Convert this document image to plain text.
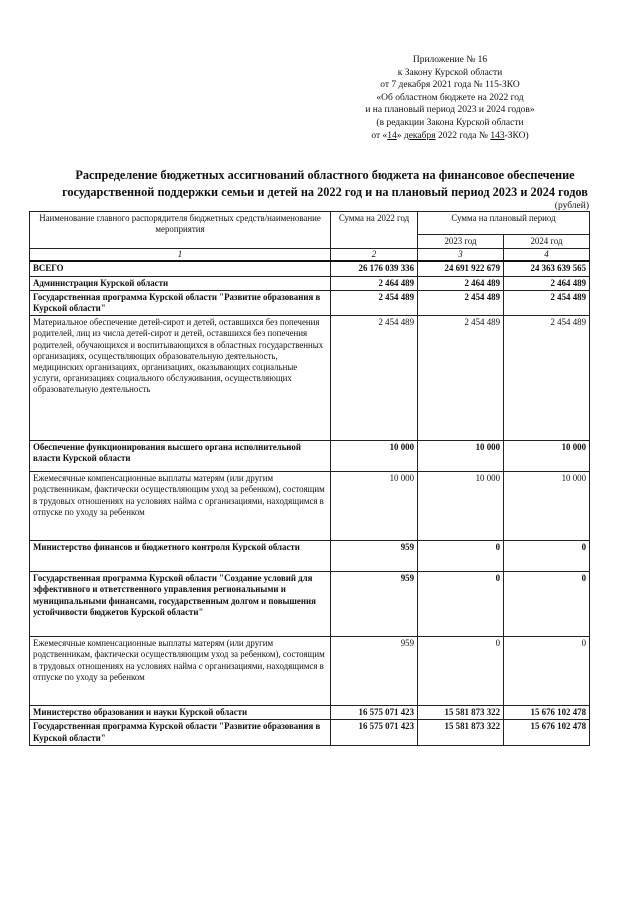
Приложение № 16
к Закону Курской области
от 7 декабря 2021 года № 115-ЗКО
«Об областном бюджете на 2022 год
и на плановый период 2023 и 2024 годов»
(в редакции Закона Курской области
от «14» декабря 2022 года № 143-ЗКО)
Распределение бюджетных ассигнований областного бюджета на финансовое обеспечение
государственной поддержки семьи и детей на 2022 год и на плановый период 2023 и 2024 годов
(рублей)
Наименование главного распорядителя бюджетных средств/наименование мероприятия	Сумма на 2022 год	Сумма на плановый период	
		2023 год	2024 год
1	2	3	4
ВСЕГО	26 176 039 336	24 691 922 679	24 363 639 565
Администрация Курской области	2 464 489	2 464 489	2 464 489
Государственная программа Курской области "Развитие образования в Курской области"	2 454 489	2 454 489	2 454 489
Материальное обеспечение детей-сирот и детей, оставшихся без попечения родителей, лиц из числа детей-сирот и детей, оставшихся без попечения родителей, обучающихся и воспитывающихся в областных государственных организациях, осуществляющих образовательную деятельность, медицинских организациях, организациях, оказывающих социальные услуги, организациях социального обслуживания, осуществляющих образовательную деятельность	2 454 489	2 454 489	2 454 489
Обеспечение функционирования высшего органа исполнительной власти Курской области	10 000	10 000	10 000
Ежемесячные компенсационные выплаты матерям (или другим родственникам, фактически осуществляющим уход за ребенком), состоящим в трудовых отношениях на условиях найма с организациями, находящимся в отпуске по уходу за ребенком	10 000	10 000	10 000
Министерство финансов и бюджетного контроля Курской области	959	0	0
Государственная программа Курской области "Создание условий для эффективного и ответственного управления региональными и муниципальными финансами, государственным долгом и повышения устойчивости бюджетов Курской области"	959	0	0
Ежемесячные компенсационные выплаты матерям (или другим родственникам, фактически осуществляющим уход за ребенком), состоящим в трудовых отношениях на условиях найма с организациями, находящимся в отпуске по уходу за ребенком	959	0	0
Министерство образования и науки Курской области	16 575 071 423	15 581 873 322	15 676 102 478
Государственная программа Курской области "Развитие образования в Курской области"	16 575 071 423	15 581 873 322	15 676 102 478
